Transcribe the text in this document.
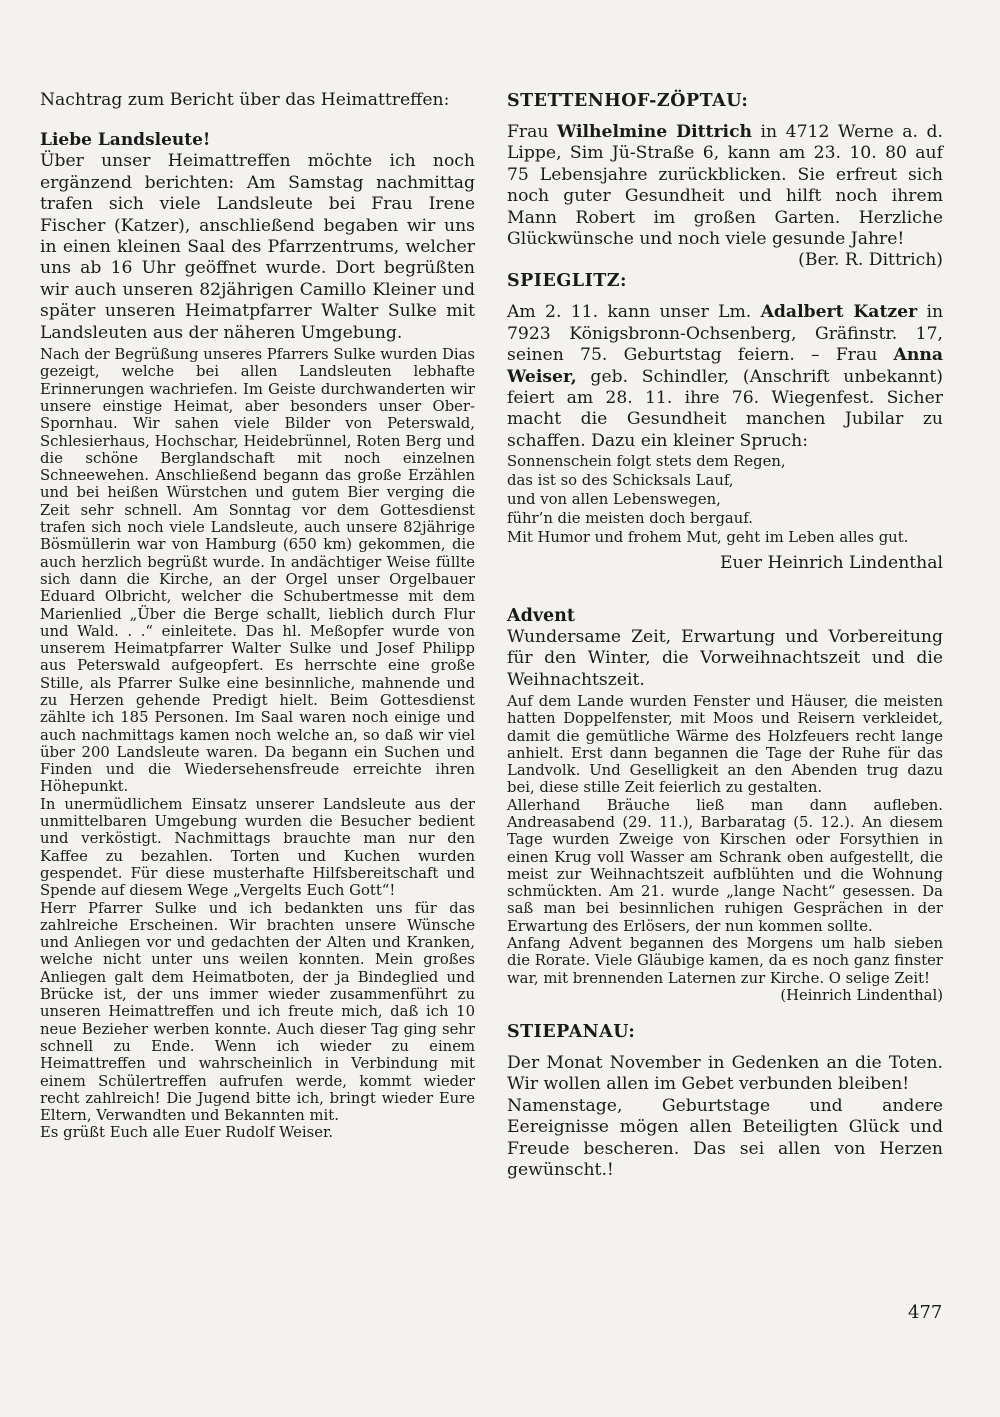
Nachtrag zum Bericht über das Heimattreffen:

Liebe Landsleute!

Über unser Heimattreffen möchte ich noch ergänzend berichten: Am Samstag nachmittag trafen sich viele Landsleute bei Frau Irene Fischer (Katzer), anschließend begaben wir uns in einen kleinen Saal des Pfarrzentrums, welcher uns ab 16 Uhr geöffnet wurde. Dort begrüßten wir auch unseren 82jährigen Camillo Kleiner und später unseren Heimatpfarrer Walter Sulke mit Landsleuten aus der näheren Umgebung.

Nach der Begrüßung unseres Pfarrers Sulke wurden Dias gezeigt, welche bei allen Landsleuten lebhafte Erinnerungen wachriefen. Im Geiste durchwanderten wir unsere einstige Heimat, aber besonders unser Ober-Spornhau. Wir sahen viele Bilder von Peterswald, Schlesierhaus, Hochschar, Heidebrünnel, Roten Berg und die schöne Berglandschaft mit noch einzelnen Schneewehen. Anschließend begann das große Erzählen und bei heißen Würstchen und gutem Bier verging die Zeit sehr schnell. Am Sonntag vor dem Gottesdienst trafen sich noch viele Landsleute, auch unsere 82jährige Bösmüllerin war von Hamburg (650 km) gekommen, die auch herzlich begrüßt wurde. In andächtiger Weise füllte sich dann die Kirche, an der Orgel unser Orgelbauer Eduard Olbricht, welcher die Schubertmesse mit dem Marienlied „Über die Berge schallt, lieblich durch Flur und Wald. . .“ einleitete. Das hl. Meßopfer wurde von unserem Heimatpfarrer Walter Sulke und Josef Philipp aus Peterswald aufgeopfert. Es herrschte eine große Stille, als Pfarrer Sulke eine besinnliche, mahnende und zu Herzen gehende Predigt hielt. Beim Gottesdienst zählte ich 185 Personen. Im Saal waren noch einige und auch nachmittags kamen noch welche an, so daß wir viel über 200 Landsleute waren. Da begann ein Suchen und Finden und die Wiedersehensfreude erreichte ihren Höhepunkt.

In unermüdlichem Einsatz unserer Landsleute aus der unmittelbaren Umgebung wurden die Besucher bedient und verköstigt. Nachmittags brauchte man nur den Kaffee zu bezahlen. Torten und Kuchen wurden gespendet. Für diese musterhafte Hilfsbereitschaft und Spende auf diesem Wege „Vergelts Euch Gott“!

Herr Pfarrer Sulke und ich bedankten uns für das zahlreiche Erscheinen. Wir brachten unsere Wünsche und Anliegen vor und gedachten der Alten und Kranken, welche nicht unter uns weilen konnten. Mein großes Anliegen galt dem Heimatboten, der ja Bindeglied und Brücke ist, der uns immer wieder zusammenführt zu unseren Heimattreffen und ich freute mich, daß ich 10 neue Bezieher werben konnte. Auch dieser Tag ging sehr schnell zu Ende. Wenn ich wieder zu einem Heimattreffen und wahrscheinlich in Verbindung mit einem Schülertreffen aufrufen werde, kommt wieder recht zahlreich! Die Jugend bitte ich, bringt wieder Eure Eltern, Verwandten und Bekannten mit.

Es grüßt Euch alle Euer Rudolf Weiser.

STETTENHOF-ZÖPTAU:

Frau Wilhelmine Dittrich in 4712 Werne a. d. Lippe, Sim Jü-Straße 6, kann am 23. 10. 80 auf 75 Lebensjahre zurückblicken. Sie erfreut sich noch guter Gesundheit und hilft noch ihrem Mann Robert im großen Garten. Herzliche Glückwünsche und noch viele gesunde Jahre!
(Ber. R. Dittrich)

SPIEGLITZ:

Am 2. 11. kann unser Lm. Adalbert Katzer in 7923 Königsbronn-Ochsenberg, Gräfinstr. 17, seinen 75. Geburtstag feiern. – Frau Anna Weiser, geb. Schindler, (Anschrift unbekannt) feiert am 28. 11. ihre 76. Wiegenfest. Sicher macht die Gesundheit manchen Jubilar zu schaffen. Dazu ein kleiner Spruch:

Sonnenschein folgt stets dem Regen,

das ist so des Schicksals Lauf,

und von allen Lebenswegen,

führ’n die meisten doch bergauf.

Mit Humor und frohem Mut, geht im Leben alles gut.

Euer Heinrich Lindenthal

Advent

Wundersame Zeit, Erwartung und Vorbereitung für den Winter, die Vorweihnachtszeit und die Weihnachtszeit.

Auf dem Lande wurden Fenster und Häuser, die meisten hatten Doppelfenster, mit Moos und Reisern verkleidet, damit die gemütliche Wärme des Holzfeuers recht lange anhielt. Erst dann begannen die Tage der Ruhe für das Landvolk. Und Geselligkeit an den Abenden trug dazu bei, diese stille Zeit feierlich zu gestalten.

Allerhand Bräuche ließ man dann aufleben. Andreasabend (29. 11.), Barbaratag (5. 12.). An diesem Tage wurden Zweige von Kirschen oder Forsythien in einen Krug voll Wasser am Schrank oben aufgestellt, die meist zur Weihnachtszeit aufblühten und die Wohnung schmückten. Am 21. wurde „lange Nacht“ gesessen. Da saß man bei besinnlichen ruhigen Gesprächen in der Erwartung des Erlösers, der nun kommen sollte.

Anfang Advent begannen des Morgens um halb sieben die Rorate. Viele Gläubige kamen, da es noch ganz finster war, mit brennenden Laternen zur Kirche. O selige Zeit!
(Heinrich Lindenthal)

STIEPANAU:

Der Monat November in Gedenken an die Toten. Wir wollen allen im Gebet verbunden bleiben!

Namenstage, Geburtstage und andere Eereignisse mögen allen Beteiligten Glück und Freude bescheren. Das sei allen von Herzen gewünscht.!

477
